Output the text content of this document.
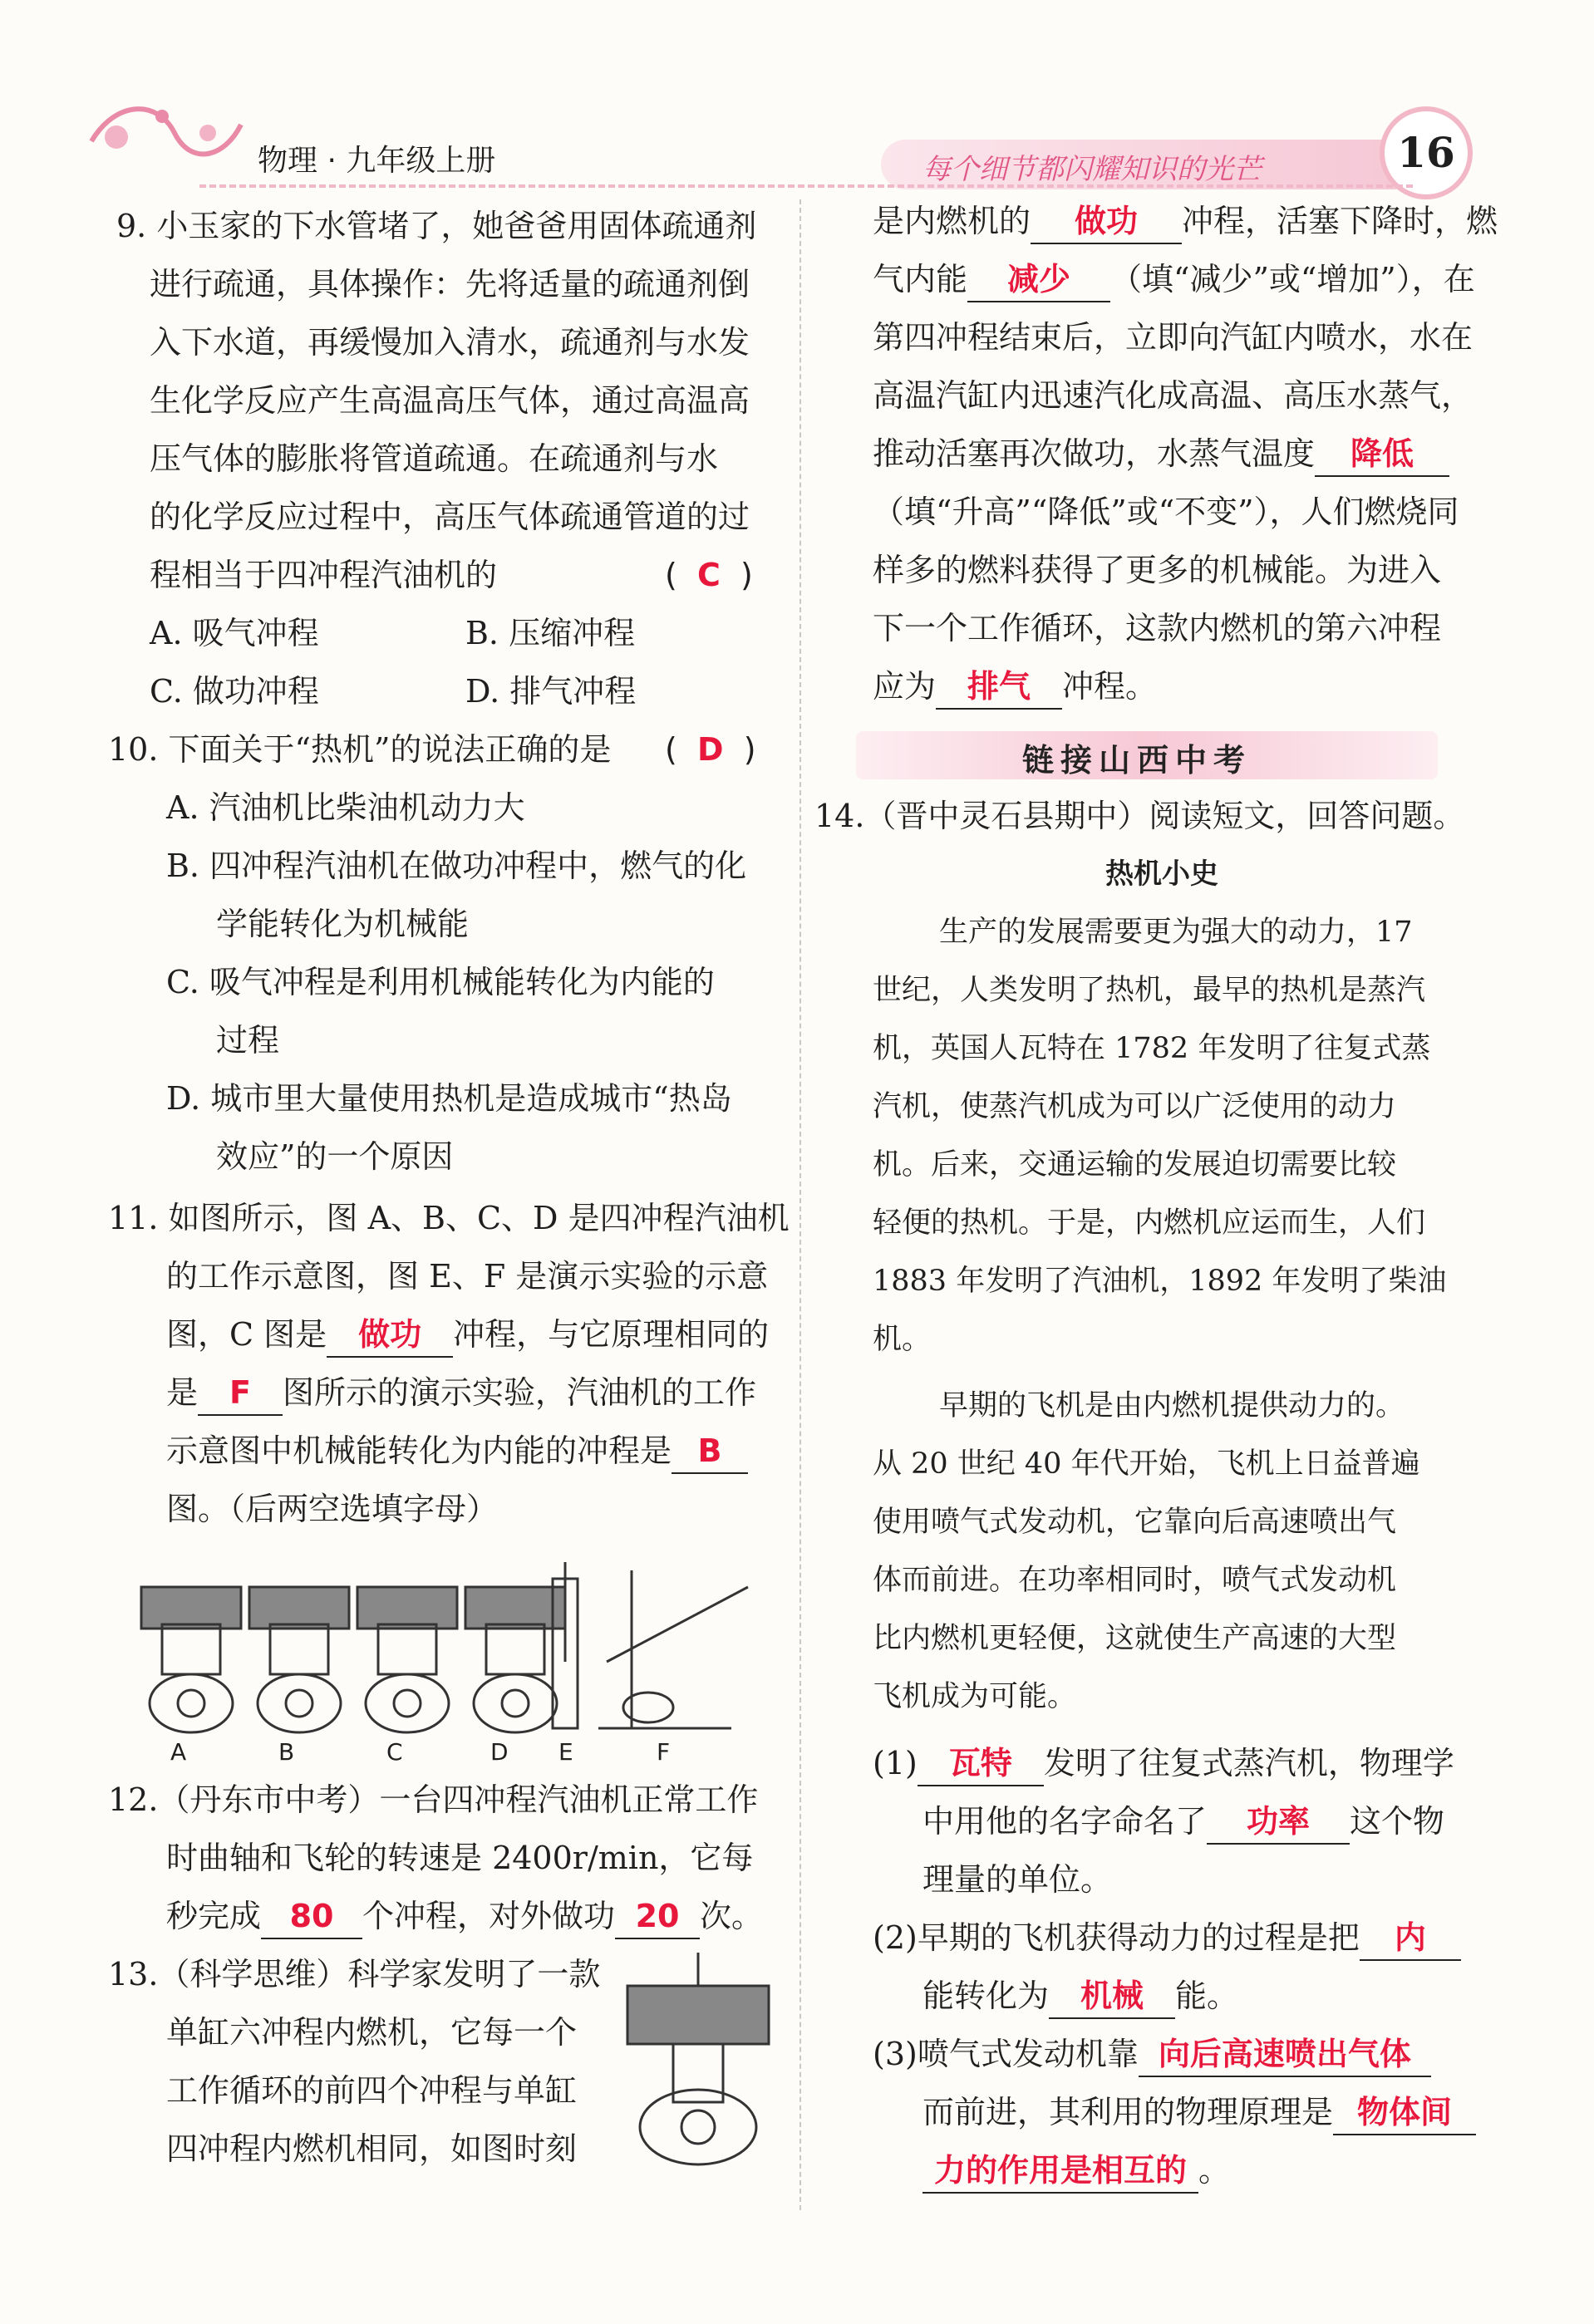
物理 · 九年级上册	每个细节都闪耀知识的光芒	16
9. 小玉家的下水管堵了，她爸爸用固体疏通剂
进行疏通，具体操作：先将适量的疏通剂倒
入下水道，再缓慢加入清水，疏通剂与水发
生化学反应产生高温高压气体，通过高温高
压气体的膨胀将管道疏通。在疏通剂与水
的化学反应过程中，高压气体疏通管道的过
程相当于四冲程汽油机的	(  C  )
A. 吸气冲程	B. 压缩冲程
C. 做功冲程	D. 排气冲程
10. 下面关于“热机”的说法正确的是 (  D  )
A. 汽油机比柴油机动力大
B. 四冲程汽油机在做功冲程中，燃气的化
学能转化为机械能
C. 吸气冲程是利用机械能转化为内能的
过程
D. 城市里大量使用热机是造成城市“热岛
效应”的一个原因
11. 如图所示，图 A、B、C、D 是四冲程汽油机
的工作示意图，图 E、F 是演示实验的示意
图，C 图是 做功 冲程，与它原理相同的
是 F 图所示的演示实验，汽油机的工作
示意图中机械能转化为内能的冲程是 B
图。（后两空选填字母）
A	B	C	D E	F
12.（丹东市中考）一台四冲程汽油机正常工作
时曲轴和飞轮的转速是 2400r/min，它每
秒完成 80 个冲程，对外做功 20 次。
13.（科学思维）科学家发明了一款
单缸六冲程内燃机，它每一个
工作循环的前四个冲程与单缸
四冲程内燃机相同，如图时刻
是内燃机的 做功 冲程，活塞下降时，燃
气内能 减少 （填“减少”或“增加”），在
第四冲程结束后，立即向汽缸内喷水，水在
高温汽缸内迅速汽化成高温、高压水蒸气，
推动活塞再次做功，水蒸气温度 降低
（填“升高”“降低”或“不变”），人们燃烧同
样多的燃料获得了更多的机械能。为进入
下一个工作循环，这款内燃机的第六冲程
应为 排气 冲程。
链接山西中考
14.（晋中灵石县期中）阅读短文，回答问题。
热机小史
生产的发展需要更为强大的动力，17
世纪，人类发明了热机，最早的热机是蒸汽
机，英国人瓦特在 1782 年发明了往复式蒸
汽机，使蒸汽机成为可以广泛使用的动力
机。后来，交通运输的发展迫切需要比较
轻便的热机。于是，内燃机应运而生，人们
1883 年发明了汽油机，1892 年发明了柴油
机。
早期的飞机是由内燃机提供动力的。
从 20 世纪 40 年代开始，飞机上日益普遍
使用喷气式发动机，它靠向后高速喷出气
体而前进。在功率相同时，喷气式发动机
比内燃机更轻便，这就使生产高速的大型
飞机成为可能。
(1) 瓦特 发明了往复式蒸汽机，物理学
中用他的名字命名了 功率 这个物
理量的单位。
(2)早期的飞机获得动力的过程是把 内
能转化为 机械 能。
(3)喷气式发动机靠 向后高速喷出气体
而前进，其利用的物理原理是 物体间
力的作用是相互的 。
